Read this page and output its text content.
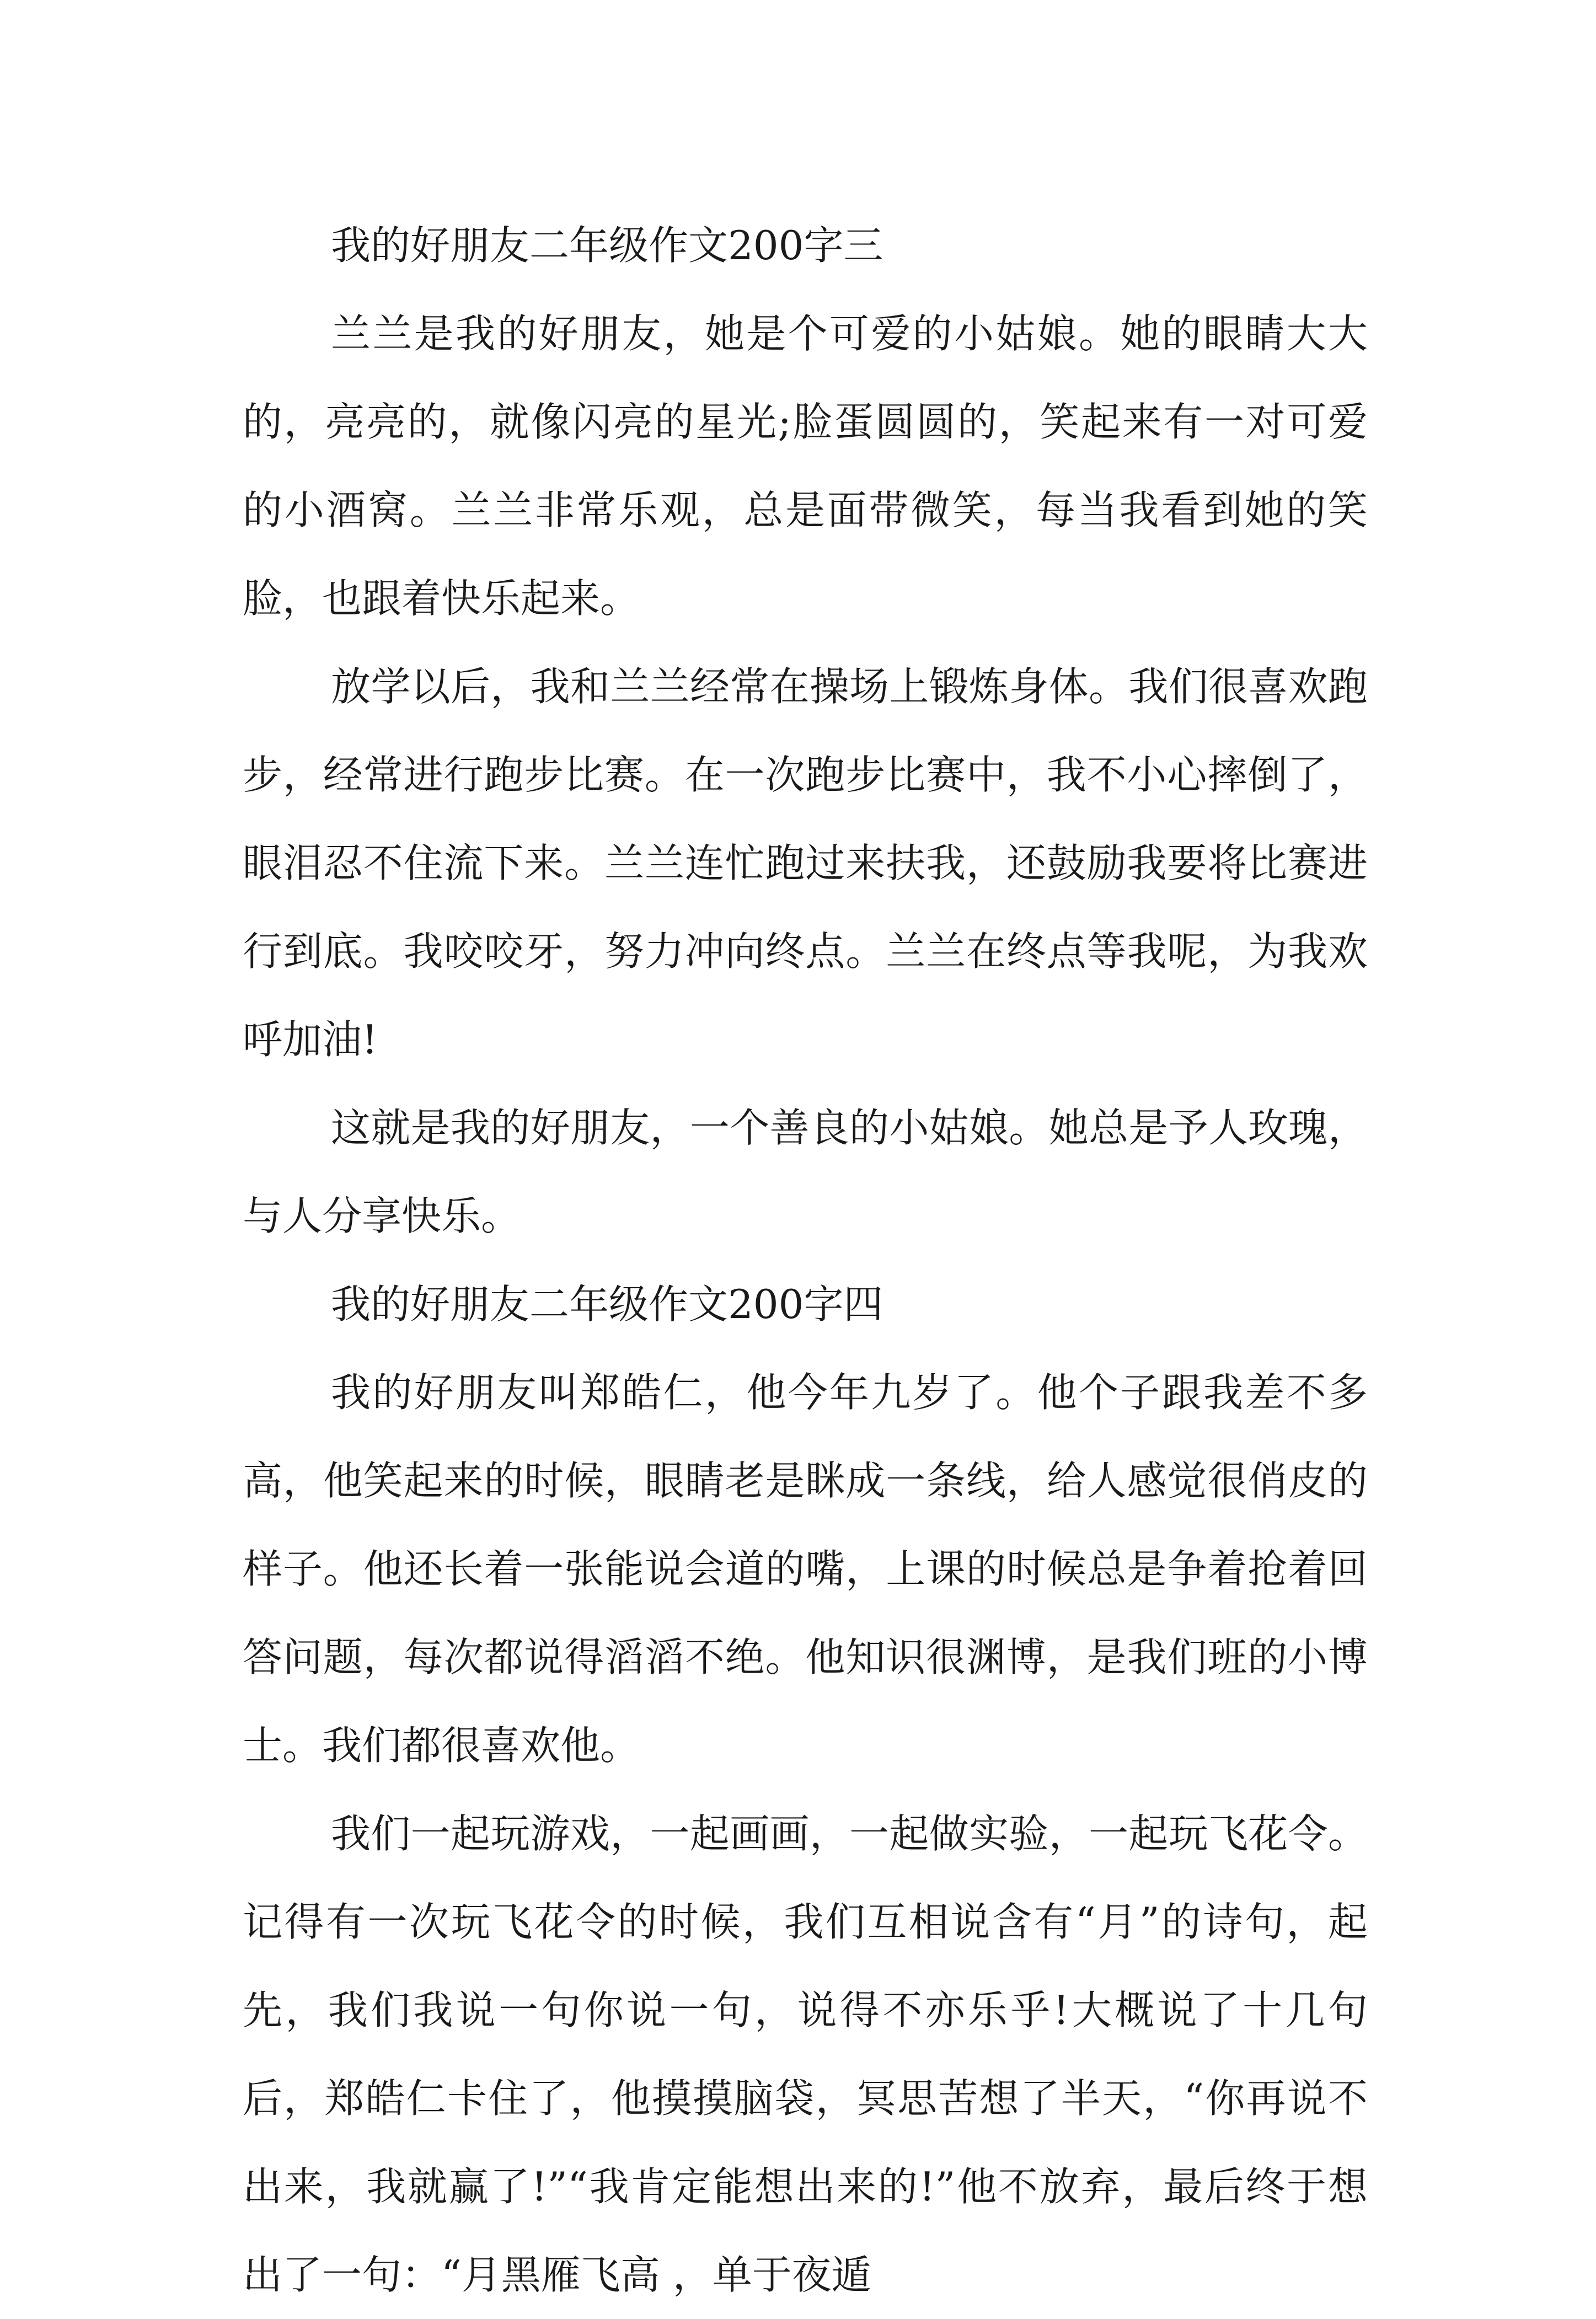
我的好朋友二年级作文200字三

兰兰是我的好朋友，她是个可爱的小姑娘。她的眼睛大大的，亮亮的，就像闪亮的星光;脸蛋圆圆的，笑起来有一对可爱的小酒窝。兰兰非常乐观，总是面带微笑，每当我看到她的笑脸，也跟着快乐起来。

放学以后，我和兰兰经常在操场上锻炼身体。我们很喜欢跑步，经常进行跑步比赛。在一次跑步比赛中，我不小心摔倒了，眼泪忍不住流下来。兰兰连忙跑过来扶我，还鼓励我要将比赛进行到底。我咬咬牙，努力冲向终点。兰兰在终点等我呢，为我欢呼加油!

这就是我的好朋友，一个善良的小姑娘。她总是予人玫瑰，与人分享快乐。

我的好朋友二年级作文200字四

我的好朋友叫郑皓仁，他今年九岁了。他个子跟我差不多高，他笑起来的时候，眼睛老是眯成一条线，给人感觉很俏皮的样子。他还长着一张能说会道的嘴，上课的时候总是争着抢着回答问题，每次都说得滔滔不绝。他知识很渊博，是我们班的小博士。我们都很喜欢他。

我们一起玩游戏，一起画画，一起做实验，一起玩飞花令。记得有一次玩飞花令的时候，我们互相说含有“月”的诗句，起先，我们我说一句你说一句，说得不亦乐乎!大概说了十几句后，郑皓仁卡住了，他摸摸脑袋，冥思苦想了半天，“你再说不出来，我就赢了!”“我肯定能想出来的!”他不放弃，最后终于想出了一句：“月黑雁飞高 ，单于夜遁
